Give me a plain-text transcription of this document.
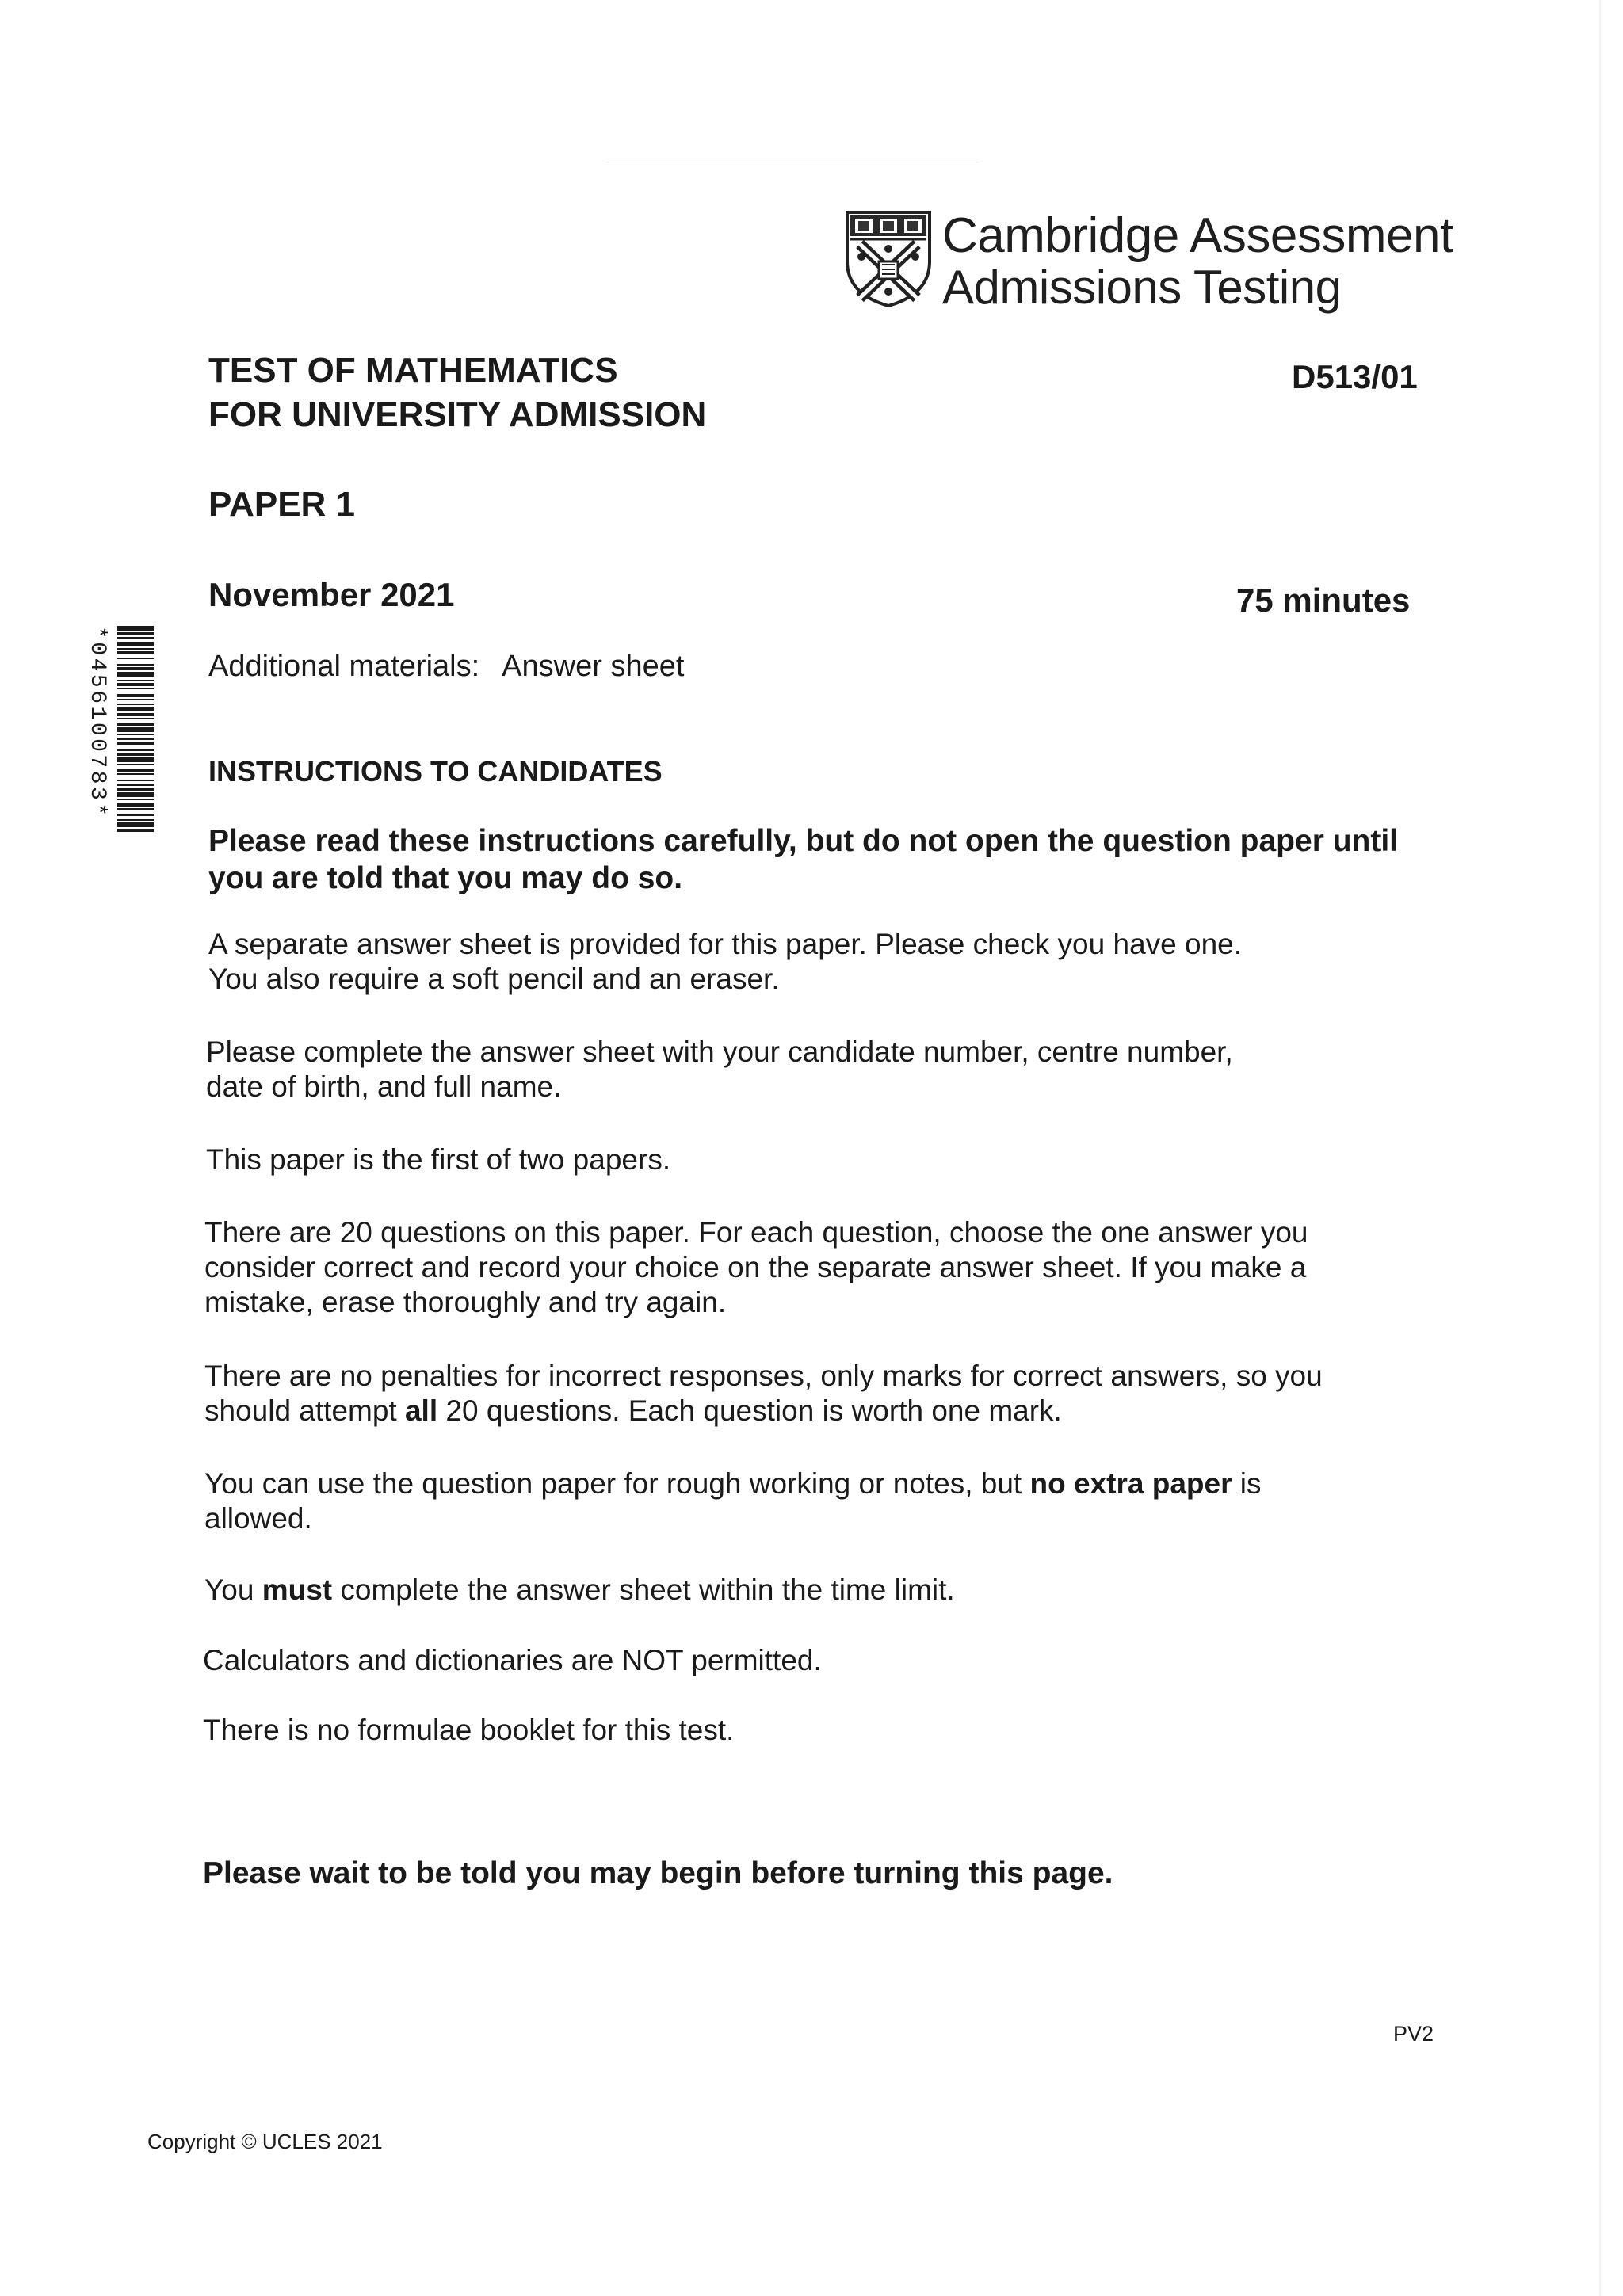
Cambridge Assessment
Admissions Testing
TEST OF MATHEMATICS
FOR UNIVERSITY ADMISSION
D513/01
PAPER 1
November 2021	75 minutes
Additional materials: Answer sheet
*0456100783*	INSTRUCTIONS TO CANDIDATES
Please read these instructions carefully, but do not open the question paper until
you are told that you may do so.
A separate answer sheet is provided for this paper. Please check you have one.
You also require a soft pencil and an eraser.
Please complete the answer sheet with your candidate number, centre number,
date of birth, and full name.
This paper is the first of two papers.
There are 20 questions on this paper. For each question, choose the one answer you
consider correct and record your choice on the separate answer sheet. If you make a
mistake, erase thoroughly and try again.
There are no penalties for incorrect responses, only marks for correct answers, so you
should attempt all 20 questions. Each question is worth one mark.
You can use the question paper for rough working or notes, but no extra paper is
allowed.
You must complete the answer sheet within the time limit.
Calculators and dictionaries are NOT permitted.
There is no formulae booklet for this test.
Please wait to be told you may begin before turning this page.
PV2
Copyright © UCLES 2021
